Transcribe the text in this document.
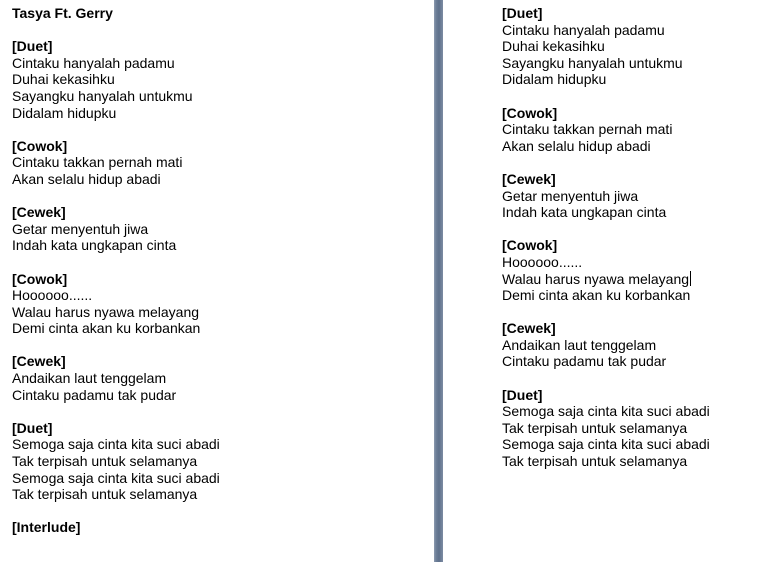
Tasya Ft. Gerry
[Duet]
Cintaku hanyalah padamu
Duhai kekasihku
Sayangku hanyalah untukmu
Didalam hidupku
[Cowok]
Cintaku takkan pernah mati
Akan selalu hidup abadi
[Cewek]
Getar menyentuh jiwa
Indah kata ungkapan cinta
[Cowok]
Hoooooo......
Walau harus nyawa melayang
Demi cinta akan ku korbankan
[Cewek]
Andaikan laut tenggelam
Cintaku padamu tak pudar
[Duet]
Semoga saja cinta kita suci abadi
Tak terpisah untuk selamanya
Semoga saja cinta kita suci abadi
Tak terpisah untuk selamanya
[Interlude]
[Duet]
Cintaku hanyalah padamu
Duhai kekasihku
Sayangku hanyalah untukmu
Didalam hidupku
[Cowok]
Cintaku takkan pernah mati
Akan selalu hidup abadi
[Cewek]
Getar menyentuh jiwa
Indah kata ungkapan cinta
[Cowok]
Hoooooo......
Walau harus nyawa melayang
Demi cinta akan ku korbankan
[Cewek]
Andaikan laut tenggelam
Cintaku padamu tak pudar
[Duet]
Semoga saja cinta kita suci abadi
Tak terpisah untuk selamanya
Semoga saja cinta kita suci abadi
Tak terpisah untuk selamanya
